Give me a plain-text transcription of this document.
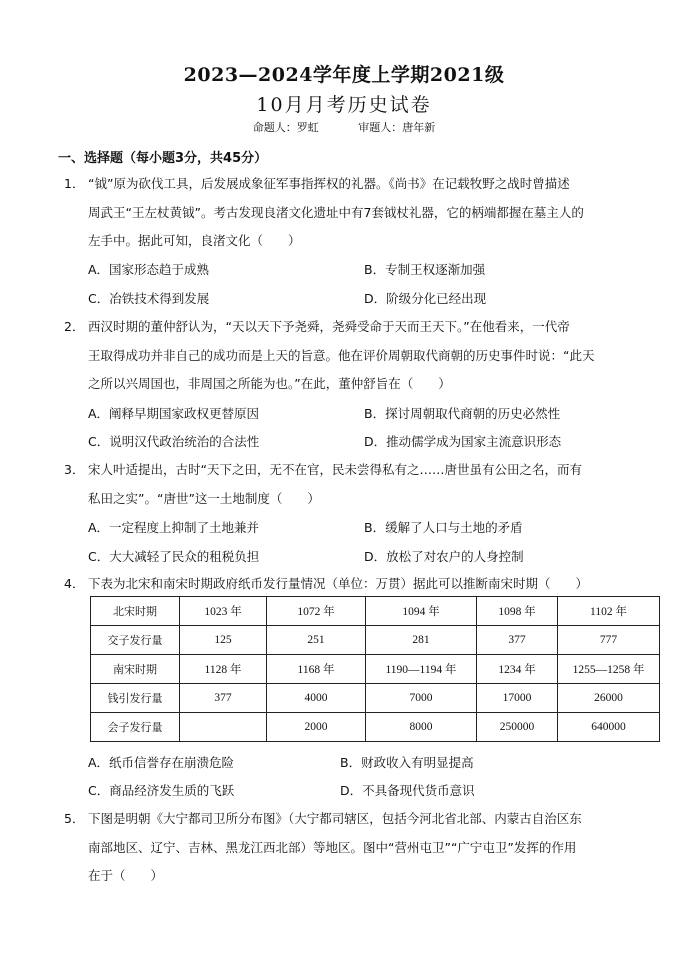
2023—2024学年度上学期2021级
10月月考历史试卷
命题人：罗虹	审题人：唐年新
一、选择题（每小题3分，共45分）
1． “钺”原为砍伐工具，后发展成象征军事指挥权的礼器。《尚书》在记载牧野之战时曾描述
周武王“王左杖黄钺”。考古发现良渚文化遗址中有7套钺杖礼器，它的柄端都握在墓主人的
左手中。据此可知，良渚文化（　　）
A．国家形态趋于成熟	B．专制王权逐渐加强
C．冶铁技术得到发展	D．阶级分化已经出现
2． 西汉时期的董仲舒认为，“天以天下予尧舜，尧舜受命于天而王天下。”在他看来，一代帝
王取得成功并非自己的成功而是上天的旨意。他在评价周朝取代商朝的历史事件时说：“此天
之所以兴周国也，非周国之所能为也。”在此，董仲舒旨在（　　）
A．阐释早期国家政权更替原因	B．探讨周朝取代商朝的历史必然性
C．说明汉代政治统治的合法性	D．推动儒学成为国家主流意识形态
3． 宋人叶适提出，古时“天下之田，无不在官，民未尝得私有之……唐世虽有公田之名，而有
私田之实”。“唐世”这一土地制度（　　）
A．一定程度上抑制了土地兼并	B．缓解了人口与土地的矛盾
C．大大减轻了民众的租税负担	D．放松了对农户的人身控制
4． 下表为北宋和南宋时期政府纸币发行量情况（单位：万贯）据此可以推断南宋时期（　　）
北宋时期	1023 年	1072 年	1094 年	1098 年	1102 年
交子发行量	125	251	281	377	777
南宋时期	1128 年	1168 年	1190—1194 年	1234 年	1255—1258 年
钱引发行量	377	4000	7000	17000	26000
会子发行量		2000	8000	250000	640000
A．纸币信誉存在崩溃危险	B．财政收入有明显提高
C．商品经济发生质的飞跃	D．不具备现代货币意识
5． 下图是明朝《大宁都司卫所分布图》（大宁都司辖区，包括今河北省北部、内蒙古自治区东
南部地区、辽宁、吉林、黑龙江西北部）等地区。图中“营州屯卫”“广宁屯卫”发挥的作用
在于（　　）
